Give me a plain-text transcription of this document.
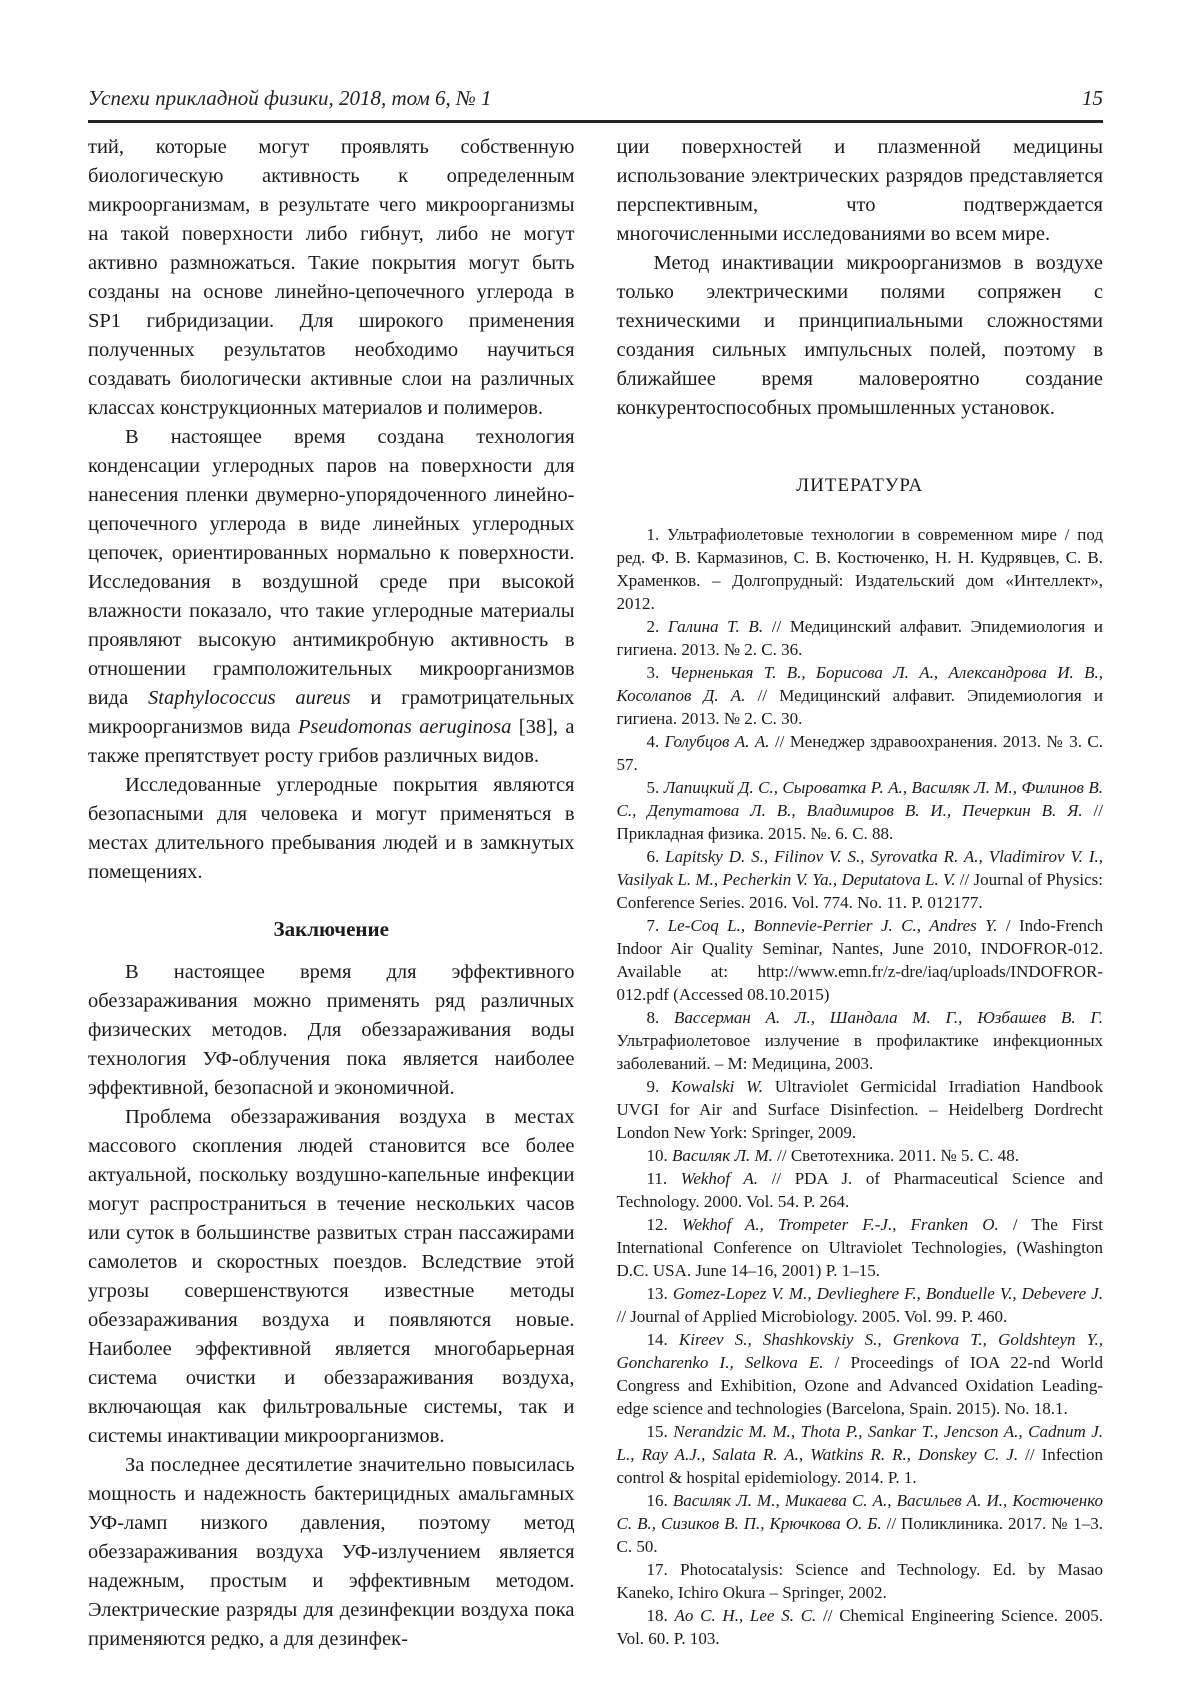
Успехи прикладной физики, 2018, том 6, № 1	15

тий, которые могут проявлять собственную биологическую активность к определенным микроорганизмам, в результате чего микроорганизмы на такой поверхности либо гибнут, либо не могут активно размножаться. Такие покрытия могут быть созданы на основе линейно-цепочечного углерода в SP1 гибридизации. Для широкого применения полученных результатов необходимо научиться создавать биологически активные слои на различных классах конструкционных материалов и полимеров.

В настоящее время создана технология конденсации углеродных паров на поверхности для нанесения пленки двумерно-упорядоченного линейно-цепочечного углерода в виде линейных углеродных цепочек, ориентированных нормально к поверхности. Исследования в воздушной среде при высокой влажности показало, что такие углеродные материалы проявляют высокую антимикробную активность в отношении грамположительных микроорганизмов вида Staphylococcus aureus и грамотрицательных микроорганизмов вида Pseudomonas aeruginosa [38], а также препятствует росту грибов различных видов.

Исследованные углеродные покрытия являются безопасными для человека и могут применяться в местах длительного пребывания людей и в замкнутых помещениях.

Заключение

В настоящее время для эффективного обеззараживания можно применять ряд различных физических методов. Для обеззараживания воды технология УФ-облучения пока является наиболее эффективной, безопасной и экономичной.

Проблема обеззараживания воздуха в местах массового скопления людей становится все более актуальной, поскольку воздушно-капельные инфекции могут распространиться в течение нескольких часов или суток в большинстве развитых стран пассажирами самолетов и скоростных поездов. Вследствие этой угрозы совершенствуются известные методы обеззараживания воздуха и появляются новые. Наиболее эффективной является многобарьерная система очистки и обеззараживания воздуха, включающая как фильтровальные системы, так и системы инактивации микроорганизмов.

За последнее десятилетие значительно повысилась мощность и надежность бактерицидных амальгамных УФ-ламп низкого давления, поэтому метод обеззараживания воздуха УФ-излучением является надежным, простым и эффективным методом. Электрические разряды для дезинфекции воздуха пока применяются редко, а для дезинфек-

ции поверхностей и плазменной медицины использование электрических разрядов представляется перспективным, что подтверждается многочисленными исследованиями во всем мире.

Метод инактивации микроорганизмов в воздухе только электрическими полями сопряжен с техническими и принципиальными сложностями создания сильных импульсных полей, поэтому в ближайшее время маловероятно создание конкурентоспособных промышленных установок.

ЛИТЕРАТУРА

1. Ультрафиолетовые технологии в современном мире / под ред. Ф. В. Кармазинов, С. В. Костюченко, Н. Н. Кудрявцев, С. В. Храменков. – Долгопрудный: Издательский дом «Интеллект», 2012.

2. Галина Т. В. // Медицинский алфавит. Эпидемиология и гигиена. 2013. № 2. С. 36.

3. Черненькая Т. В., Борисова Л. А., Александрова И. В., Косолапов Д. А. // Медицинский алфавит. Эпидемиология и гигиена. 2013. № 2. С. 30.

4. Голубцов А. А. // Менеджер здравоохранения. 2013. № 3. С. 57.

5. Лапицкий Д. С., Сыроватка Р. А., Василяк Л. М., Филинов В. С., Депутатова Л. В., Владимиров В. И., Печеркин В. Я. // Прикладная физика. 2015. №. 6. С. 88.

6. Lapitsky D. S., Filinov V. S., Syrovatka R. A., Vladimirov V. I., Vasilyak L. M., Pecherkin V. Ya., Deputatova L. V. // Journal of Physics: Conference Series. 2016. Vol. 774. No. 11. P. 012177.

7. Le-Coq L., Bonnevie-Perrier J. C., Andres Y. / Indo-French Indoor Air Quality Seminar, Nantes, June 2010, INDOFROR-012. Available at: http://www.emn.fr/z-dre/iaq/uploads/INDOFROR-012.pdf (Accessed 08.10.2015)

8. Вассерман А. Л., Шандала М. Г., Юзбашев В. Г. Ультрафиолетовое излучение в профилактике инфекционных заболеваний. – М: Медицина, 2003.

9. Kowalski W. Ultraviolet Germicidal Irradiation Handbook UVGI for Air and Surface Disinfection. – Heidelberg Dordrecht London New York: Springer, 2009.

10. Василяк Л. М. // Светотехника. 2011. № 5. С. 48.

11. Wekhof A. // PDA J. of Pharmaceutical Science and Technology. 2000. Vol. 54. P. 264.

12. Wekhof A., Trompeter F.-J., Franken O. / The First International Conference on Ultraviolet Technologies, (Washington D.C. USA. June 14–16, 2001) P. 1–15.

13. Gomez-Lopez V. M., Devlieghere F., Bonduelle V., Debevere J. // Journal of Applied Microbiology. 2005. Vol. 99. P. 460.

14. Kireev S., Shashkovskiy S., Grenkova T., Goldshteyn Y., Goncharenko I., Selkova E. / Proceedings of IOA 22-nd World Congress and Exhibition, Ozone and Advanced Oxidation Leading-edge science and technologies (Barcelona, Spain. 2015). No. 18.1.

15. Nerandzic M. M., Thota P., Sankar T., Jencson A., Cadnum J. L., Ray A.J., Salata R. A., Watkins R. R., Donskey C. J. // Infection control & hospital epidemiology. 2014. P. 1.

16. Василяк Л. М., Микаева С. А., Васильев А. И., Костюченко С. В., Сизиков В. П., Крючкова О. Б. // Поликлиника. 2017. № 1–3. С. 50.

17. Photocatalysis: Science and Technology. Ed. by Masao Kaneko, Ichiro Okura – Springer, 2002.

18. Ao C. H., Lee S. C. // Chemical Engineering Science. 2005. Vol. 60. P. 103.
